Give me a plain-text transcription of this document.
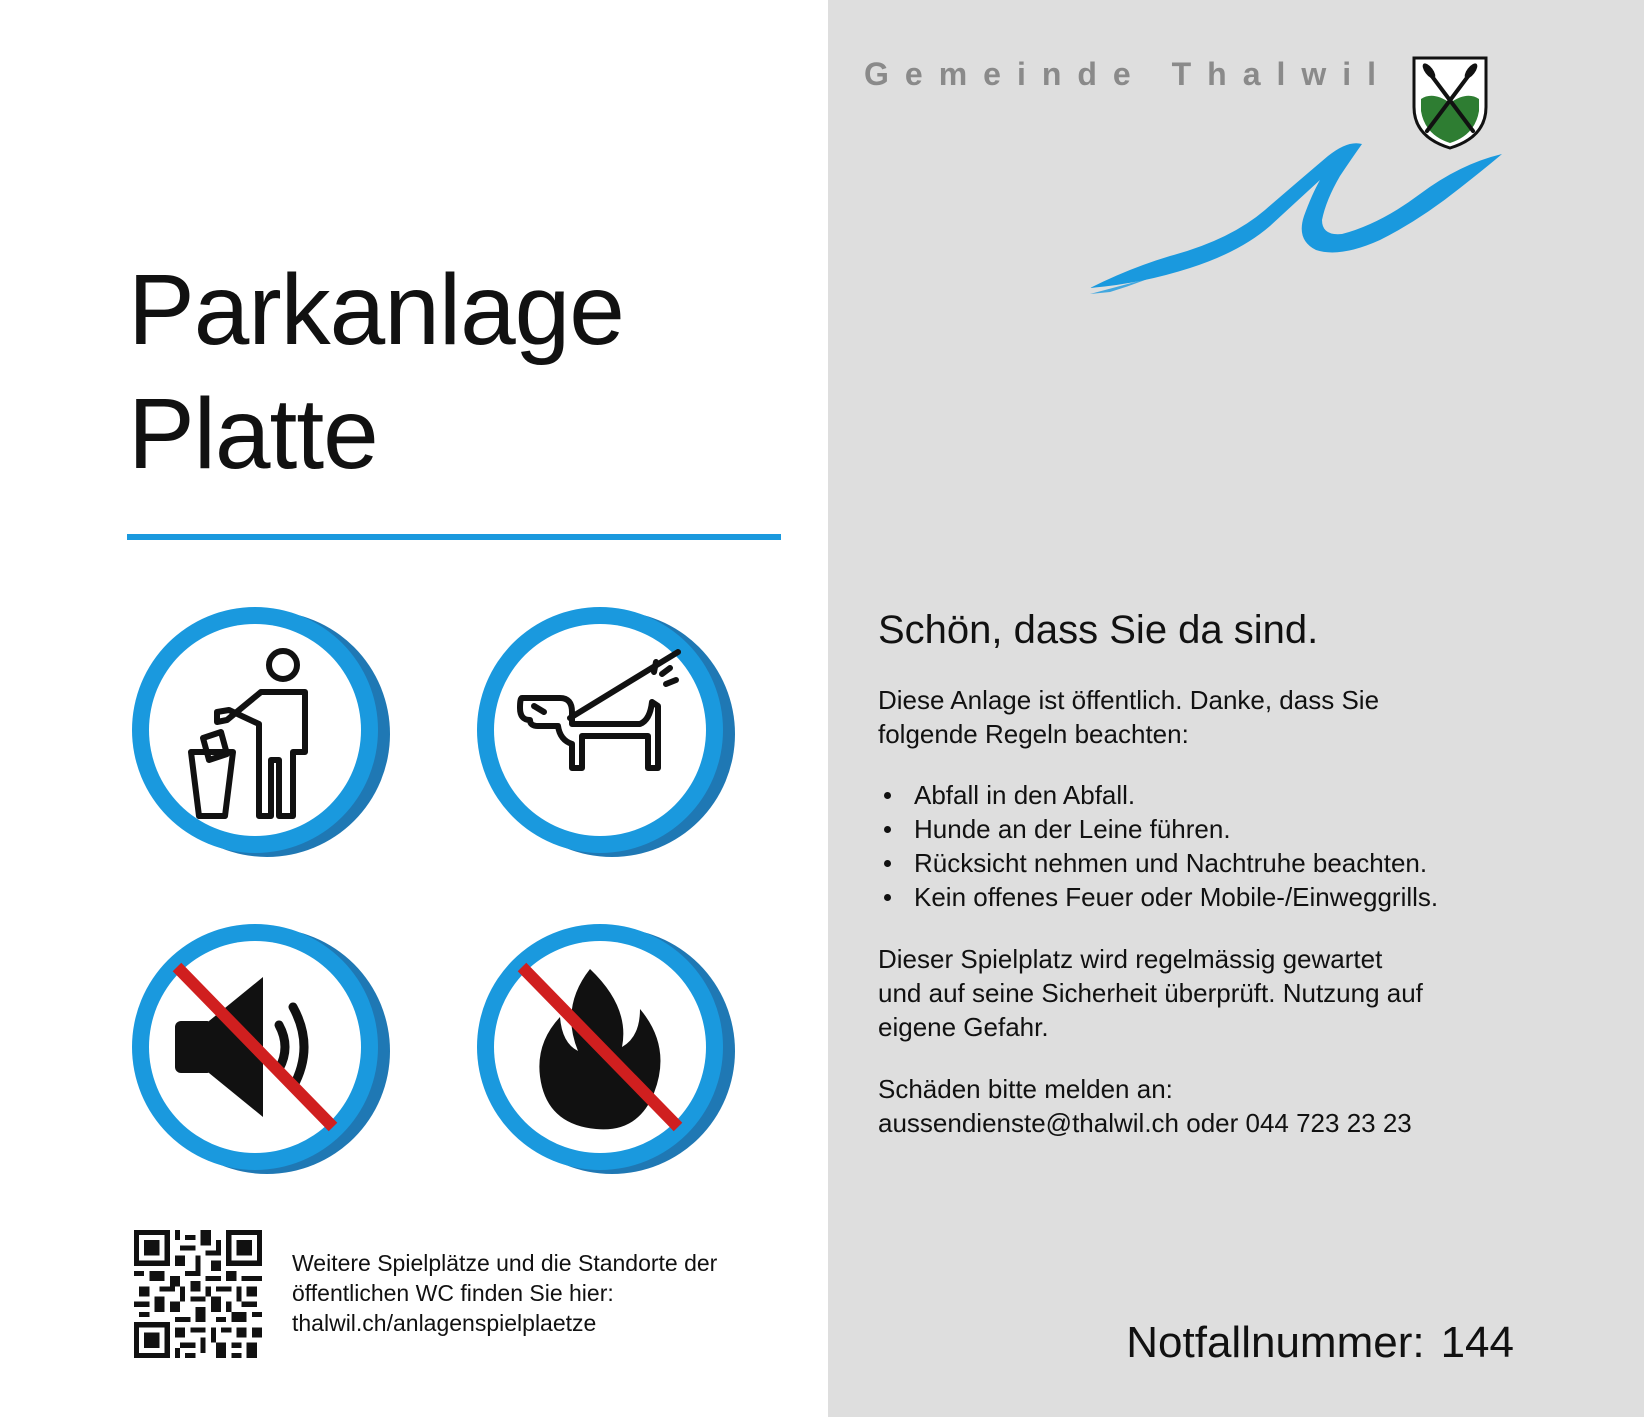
Parkanlage
Platte
Weitere Spielplätze und die Standorte der
öffentlichen WC finden Sie hier:
thalwil.ch/anlagenspielplaetze
Gemeinde Thalwil
Schön, dass Sie da sind.
Diese Anlage ist öffentlich. Danke, dass Sie
folgende Regeln beachten:
Abfall in den Abfall.
Hunde an der Leine führen.
Rücksicht nehmen und Nachtruhe beachten.
Kein offenes Feuer oder Mobile-/Einweggrills.
Dieser Spielplatz wird regelmässig gewartet
und auf seine Sicherheit überprüft. Nutzung auf
eigene Gefahr.
Schäden bitte melden an:
aussendienste@thalwil.ch oder 044 723 23 23
Notfallnummer: 144
